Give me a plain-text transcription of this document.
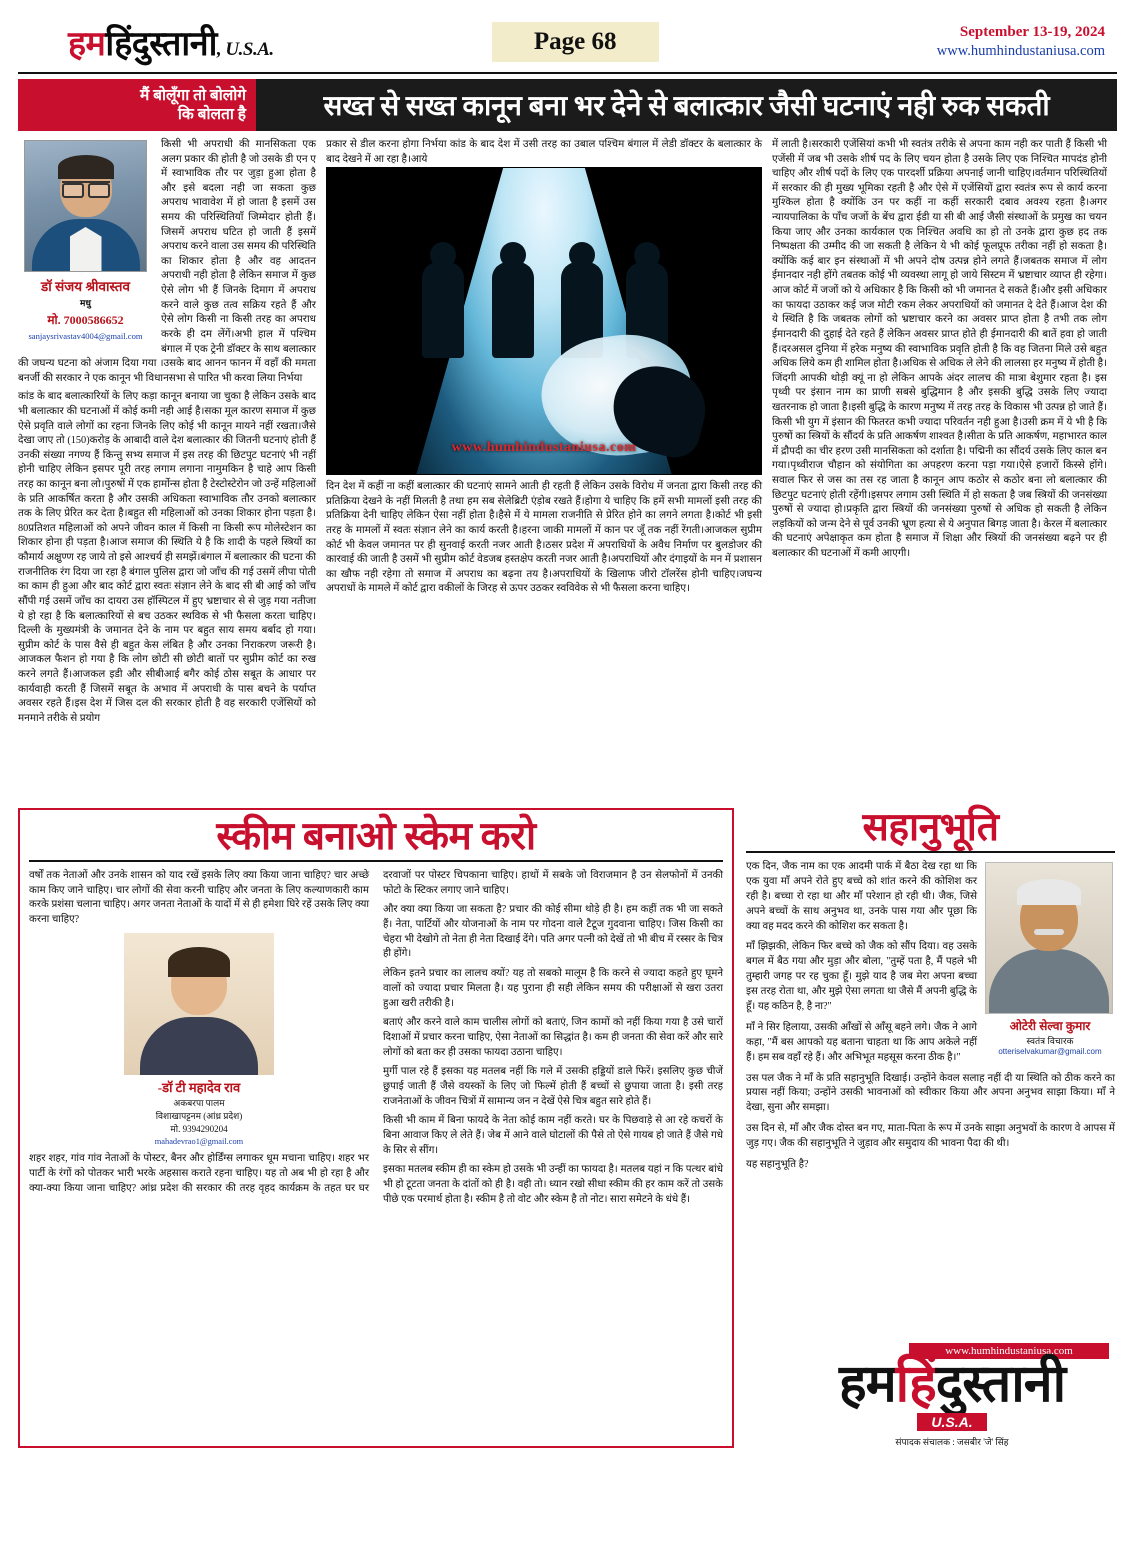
हमहिंदुस्तानी, U.S.A.	Page 68	September 13-19, 2024
www.humhindustaniusa.com
मैं बोलूँगा तो बोलोगे
कि बोलता है	सख्त से सख्त कानून बना भर देने से बलात्कार जैसी घटनाएं नही रुक सकती
डॉ संजय श्रीवास्तव
मधु
मो. 7000586652
sanjaysrivastav4004@gmail.com
किसी भी अपराधी की मानसिकता एक अलग प्रकार की होती है जो उसके डी एन ए में स्वाभाविक तौर पर जुड़ा हुआ होता है और इसे बदला नही जा सकता कुछ अपराध भावावेश में हो जाता है इसमें उस समय की परिस्थितियाँ जिम्मेदार होती हैं।जिसमें अपराध घटित हो जाती हैं इसमें अपराध करने वाला उस समय की परिस्थिति का शिकार होता है और वह आदतन अपराधी नही होता है लेकिन समाज में कुछ ऐसे लोग भी हैं जिनके दिमाग में अपराध करने वाले कुछ तत्व सक्रिय रहते हैं और ऐसे लोग किसी ना किसी तरह का अपराध करके ही दम लेंगें।अभी हाल में पश्चिम बंगाल में एक ट्रेनी डॉक्टर के साथ बलात्कार की जघन्य घटना को अंजाम दिया गया ।उसके बाद आनन फानन में वहाँ की ममता बनर्जी की सरकार ने एक कानून भी विधानसभा से पारित भी करवा लिया निर्भया
कांड के बाद बलात्कारियों के लिए कड़ा कानून बनाया जा चुका है लेकिन उसके बाद भी बलात्कार की घटनाओं में कोई कमी नही आई है।सका मूल कारण समाज में कुछ ऐसे प्रवृति वाले लोगों का रहना जिनके लिए कोई भी कानून मायने नहीं रखता।जैसे देखा जाए तो (150)करोड़ के आबादी वाले देश बलात्कार की जितनी घटनाएं होती हैं उनकी संख्या नगण्य हैं किन्तु सभ्य समाज में इस तरह की छिटपुट घटनाएं भी नहीं होनी चाहिए लेकिन इसपर पूरी तरह लगाम लगाना नामुमकिन है चाहे आप किसी तरह का कानून बना लो।पुरुषों में एक हार्मोन्स होता है टेस्टोस्टेरोन जो उन्हें महिलाओं के प्रति आकर्षित करता है और उसकी अधिकता स्वाभाविक तौर उनको बलात्कार तक के लिए प्रेरित कर देता है।बहुत सी महिलाओं को उनका शिकार होना पड़ता है।80प्रतिशत महिलाओं को अपने जीवन काल में किसी ना किसी रूप मोलेस्टेशन का शिकार होना ही पड़ता है।आज समाज की स्थिति ये है कि शादी के पहले स्त्रियों का कौमार्य अक्षुण्ण रह जाये तो इसे आश्चर्य ही समझें।बंगाल में बलात्कार की घटना की राजनीतिक रंग दिया जा रहा है बंगाल पुलिस द्वारा जो जाँच की गई उसमें लीपा पोती का काम ही हुआ और बाद कोर्ट द्वारा स्वतः संज्ञान लेने के बाद सी बी आई को जाँच सौंपी गई उसमें जाँच का दायरा उस हॉस्पिटल में हुए भ्रष्टाचार से से जुड़ गया नतीजा ये हो रहा है कि बलात्कारियों से बच उठकर स्थविक से भी फैसला करता चाहिए।दिल्ली के मुख्यमंत्री के जमानत देने के नाम पर बहुत साय समय बर्बाद हो गया।सुप्रीम कोर्ट के पास वैसे ही बहुत केस लंबित है और उनका निराकरण जरूरी है।आजकल फैशन हो गया है कि लोग छोटी सी छोटी बातों पर सुप्रीम कोर्ट का रुख करने लगते हैं।आजकल इडी और सीबीआई बगैर कोई ठोस सबूत के आधार पर कार्यवाही करती हैं जिसमें सबूत के अभाव में अपराधी के पास बचने के पर्याप्त अवसर रहते हैं।इस देश में जिस दल की सरकार होती है वह सरकारी एजेंसियों को मनमाने तरीके से प्रयोग
प्रकार से डील करना होगा निर्भया कांड के बाद देश में उसी तरह का उबाल पश्चिम बंगाल में लेडी डॉक्टर के बलात्कार के बाद देखने में आ रहा है।आये
www.humhindustaniusa.com
दिन देश में कहीं ना कहीं बलात्कार की घटनाएं सामने आती ही रहती हैं लेकिन उसके विरोध में जनता द्वारा किसी तरह की प्रतिक्रिया देखने के नहीं मिलती है तथा हम सब सेलेब्रिटी एंड़ोब रखते हैं।होगा ये चाहिए कि हमें सभी मामलों इसी तरह की प्रतिक्रिया देनी चाहिए लेकिन ऐसा नहीं होता है।हैसे में ये मामला राजनीति से प्रेरित होने का लगने लगता है।कोर्ट भी इसी तरह के मामलों में स्वतः संज्ञान लेने का कार्य करती है।हरना जाकी मामलों में कान पर जूँ तक नहीं रेंगती।आजकल सुप्रीम कोर्ट भी केवल जमानत पर ही सुनवाई करती नजर आती है।ठसर प्रदेश में अपराधियों के अवैध निर्माण पर बुलडोजर की कारवाई की जाती है उसमें भी सुप्रीम कोर्ट वेडजब हस्तक्षेप करती नजर आती है।अपराधियों और दंगाइयों के मन में प्रशासन का खौफ नही रहेगा तो समाज में अपराध का बढ़ना तय है।अपराधियों के खिलाफ जीरो टॉलरेंस होनी चाहिए।जघन्य अपराधों के मामले में कोर्ट द्वारा वकीलों के जिरह से ऊपर उठकर स्वविवेक से भी फैसला करना चाहिए।
में लाती है।सरकारी एजेंसियां कभी भी स्वतंत्र तरीके से अपना काम नही कर पाती हैं किसी भी एजेंसी में जब भी उसके शीर्ष पद के लिए चयन होता है उसके लिए एक निश्चित मापदंड होनी चाहिए और शीर्ष पदों के लिए एक पारदर्शी प्रक्रिया अपनाई जानी चाहिए।वर्तमान परिस्थितियों में सरकार की ही मुख्य भूमिका रहती है और ऐसे में एजेंसियों द्वारा स्वतंत्र रूप से कार्य करना मुश्किल होता है क्योंकि उन पर कहीं ना कहीं सरकारी दबाव अवश्य रहता है।अगर न्यायपालिका के पाँच जजों के बेंच द्वारा ईडी या सी बी आई जैसी संस्थाओं के प्रमुख का चयन किया जाए और उनका कार्यकाल एक निश्चित अवधि का हो तो उनके द्वारा कुछ हद तक निष्पक्षता की उम्मीद की जा सकती है लेकिन ये भी कोई फूलप्रूफ तरीका नहीं हो सकता है।क्योंकि कई बार इन संस्थाओं में भी अपने दोष उत्पन्न होने लगते हैं।जबतक समाज में लोग ईमानदार नही होंगे तबतक कोई भी व्यवस्था लागू हो जाये सिस्टम में भ्रष्टाचार व्याप्त ही रहेगा।आज कोर्ट में जजों को ये अधिकार है कि किसी को भी जमानत दे सकते हैं।और इसी अधिकार का फायदा उठाकर कई जज मोटी रकम लेकर अपराधियों को जमानत दे देते हैं।आज देश की ये स्थिति है कि जबतक लोगों को भ्रष्टाचार करने का अवसर प्राप्त होता है तभी तक लोग ईमानदारी की दुहाई देते रहते हैं लेकिन अवसर प्राप्त होते ही ईमानदारी की बातें हवा हो जाती हैं।दरअसल दुनिया में हरेक मनुष्य की स्वाभाविक प्रवृति होती है कि वह जितना मिले उसे बहुत अधिक लिये कम ही शामिल होता है।अधिक से अधिक ले लेने की लालसा हर मनुष्य में होती है।जिंदगी आपकी थोड़ी क्यूं ना हो लेकिन आपके अंदर लालच की मात्रा बेशुमार रहता है। इस पृथ्वी पर इंसान नाम का प्राणी सबसे बुद्धिमान है और इसकी बुद्धि उसके लिए ज्यादा खतरनाक हो जाता है।इसी बुद्धि के कारण मनुष्य में तरह तरह के विकास भी उत्पन्न हो जाते हैं।किसी भी युग में इंसान की फितरत कभी ज्यादा परिवर्तन नही हुआ है।उसी क्रम में ये भी है कि पुरुषों का स्त्रियों के सौंदर्य के प्रति आकर्षण शाश्वत है।सीता के प्रति आकर्षण, महाभारत काल में द्रौपदी का चीर हरण उसी मानसिकता को दर्शाता है। पद्मिनी का सौंदर्य उसके लिए काल बन गया।पृथ्वीराज चौहान को संयोगिता का अपहरण करना पड़ा गया।ऐसे हजारों किस्से होंगे।सवाल फिर से जस का तस रह जाता है कानून आप कठोर से कठोर बना लो बलात्कार की छिटपुट घटनाएं होती रहेंगी।इसपर लगाम उसी स्थिति में हो सकता है जब स्त्रियों की जनसंख्या पुरुषों से ज्यादा हो।प्रकृति द्वारा स्त्रियों की जनसंख्या पुरुषों से अधिक हो सकती है लेकिन लड़कियों को जन्म देने से पूर्व उनकी भ्रूण हत्या से ये अनुपात बिगड़ जाता है। केरल में बलात्कार की घटनाएं अपेक्षाकृत कम होता है समाज में शिक्षा और स्त्रियों की जनसंख्या बढ़ने पर ही बलात्कार की घटनाओं में कमी आएगी।
स्कीम बनाओ स्केम करो

वर्षों तक नेताओं और उनके शासन को याद रखें इसके लिए क्या किया जाना चाहिए? चार अच्छे काम किए जाने चाहिए। चार लोगों की सेवा करनी चाहिए और जनता के लिए कल्याणकारी काम करके प्रशंसा चलाना चाहिए। अगर जनता नेताओं के यादों में से ही हमेशा घिरे रहें उसके लिए क्या करना चाहिए?

-डॉ टी महादेव राव
अकबरपा पालम
विशाखापट्टनम (आंध्र प्रदेश)
मो. 9394290204
mahadevrao1@gmail.com

शहर शहर, गांव गांव नेताओं के पोस्टर, बैनर और होर्डिंग्स लगाकर धूम मचाना चाहिए। शहर भर पार्टी के रंगों को पोतकर भारी भरके अहसास कराते रहना चाहिए। यह तो अब भी हो रहा है और क्या-क्या किया जाना चाहिए? आंध्र प्रदेश की सरकार की तरह वृहद कार्यक्रम के तहत घर घर दरवाजों पर पोस्टर चिपकाना चाहिए। हाथों में सबके जो विराजमान है उन सेलफोनों में उनकी फोटो के स्टिकर लगाए जाने चाहिए।

और क्या क्या किया जा सकता है? प्रचार की कोई सीमा थोड़े ही है। हम कहीं तक भी जा सकते हैं। नेता, पार्टियों और योजनाओं के नाम पर गोदना वाले टैटूज गुदवाना चाहिए। जिस किसी का चेहरा भी देखोगे तो नेता ही नेता दिखाई देंगे। पति अगर पत्नी को देखें तो भी बीच में रस्सर के चित्र ही होंगे।

लेकिन इतने प्रचार का लालच क्यों? यह तो सबको मालूम है कि करने से ज्यादा कहते हुए घूमने वालों को ज्यादा प्रचार मिलता है। यह पुराना ही सही लेकिन समय की परीक्षाओं से खरा उतरा हुआ खरी तरीकी है।

बताएं और करने वाले काम चालीस लोगों को बताएं, जिन कामों को नहीं किया गया है उसे चारों दिशाओं में प्रचार करना चाहिए, ऐसा नेताओं का सिद्धांत है। कम ही जनता की सेवा करें और सारे लोगों को बता कर ही उसका फायदा उठाना चाहिए।

मुर्गी पाल रहे हैं इसका यह मतलब नहीं कि गले में उसकी हड्डियों डाले फिरें। इसलिए कुछ चीजें छुपाई जाती हैं जैसे वयस्कों के लिए जो फिल्में होती हैं बच्चों से छुपाया जाता है। इसी तरह राजनेताओं के जीवन चित्रों में सामान्य जन न देखें ऐसे चित्र बहुत सारे होते हैं।

किसी भी काम में बिना फायदे के नेता कोई काम नहीं करते। घर के पिछवाड़े से आ रहे कचरों के बिना आवाज किए ले लेते हैं। जेब में आने वाले घोटालों की पैसे तो ऐसे गायब हो जाते हैं जैसे गधे के सिर से सींग।

इसका मतलब स्कीम ही का स्केम हो उसके भी उन्हीं का फायदा है। मतलब यहां न कि पत्थर बांधे भी हो टूटता जनता के दांतों को ही है। वही तो। ध्यान रखो सीधा स्कीम की हर काम करें तो उसके पीछे एक परमार्थ होता है। स्कीम है तो वोट और स्केम है तो नोट। सारा समेटने के धंधे हैं।

सहानुभूति
ओटेरी सेल्वा कुमार
स्वतंत्र विचारक
otteriselvakumar@gmail.com

एक दिन, जैक नाम का एक आदमी पार्क में बैठा देख रहा था कि एक युवा माँ अपने रोते हुए बच्चे को शांत करने की कोशिश कर रही है। बच्चा रो रहा था और माँ परेशान हो रही थी। जैक, जिसे अपने बच्चों के साथ अनुभव था, उनके पास गया और पूछा कि क्या वह मदद करने की कोशिश कर सकता है।

माँ झिझकी, लेकिन फिर बच्चे को जैक को सौंप दिया। वह उसके बगल में बैठ गया और मुड़ा और बोला, "तुम्हें पता है, मैं पहले भी तुम्हारी जगह पर रह चुका हूँ। मुझे याद है जब मेरा अपना बच्चा इस तरह रोता था, और मुझे ऐसा लगता था जैसे मैं अपनी बुद्धि के हूँ। यह कठिन है, है ना?"

माँ ने सिर हिलाया, उसकी आँखों से आँसू बहने लगे। जैक ने आगे कहा, "मैं बस आपको यह बताना चाहता था कि आप अकेले नहीं हैं। हम सब वहाँ रहे हैं। और अभिभूत महसूस करना ठीक है।"

उस पल जैक ने माँ के प्रति सहानुभूति दिखाई। उन्होंने केवल सलाह नहीं दी या स्थिति को ठीक करने का प्रयास नहीं किया; उन्होंने उसकी भावनाओं को स्वीकार किया और अपना अनुभव साझा किया। माँ ने देखा, सुना और समझा।

उस दिन से, माँ और जैक दोस्त बन गए, माता-पिता के रूप में उनके साझा अनुभवों के कारण वे आपस में जुड़ गए। जैक की सहानुभूति ने जुड़ाव और समुदाय की भावना पैदा की थी।

यह सहानुभूति है?

www.humhindustaniusa.com
हमहिंदुस्तानी
U.S.A.
संपादक संचालक : जसबीर 'जे' सिंह
